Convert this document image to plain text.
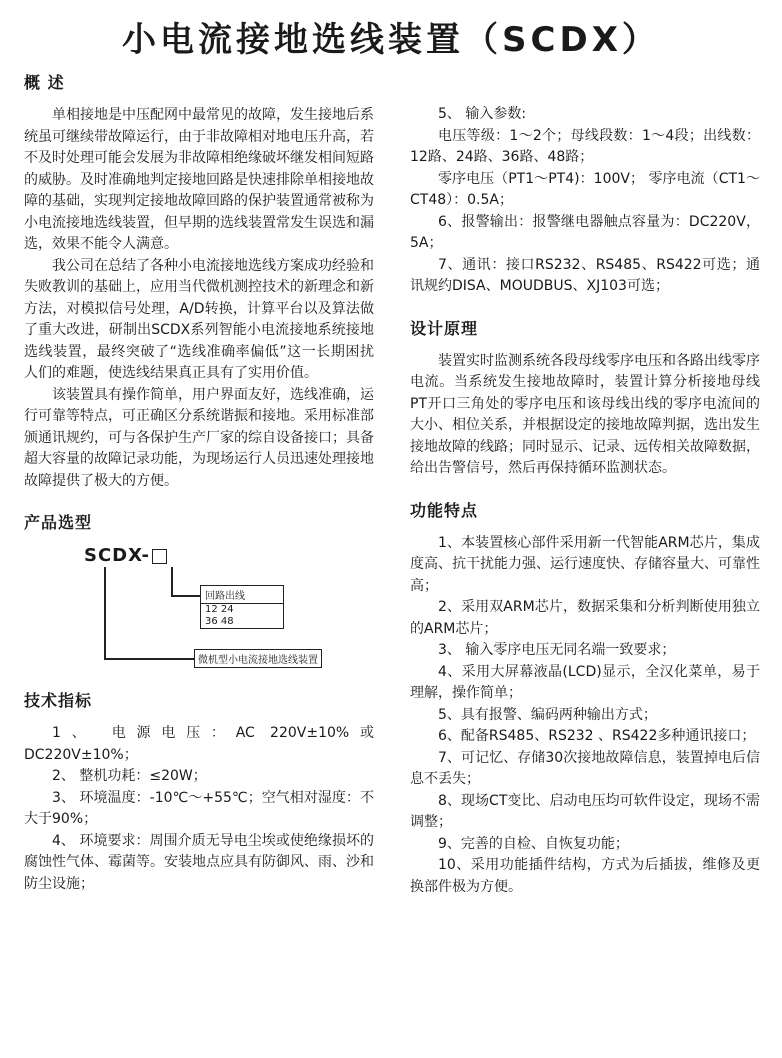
小电流接地选线装置（SCDX）
概 述

单相接地是中压配网中最常见的故障，发生接地后系统虽可继续带故障运行，由于非故障相对地电压升高，若不及时处理可能会发展为非故障相绝缘破坏继发相间短路的威胁。及时准确地判定接地回路是快速排除单相接地故障的基础，实现判定接地故障回路的保护装置通常被称为小电流接地选线装置，但早期的选线装置常发生误选和漏选，效果不能令人满意。

我公司在总结了各种小电流接地选线方案成功经验和失败教训的基础上，应用当代微机测控技术的新理念和新方法，对模拟信号处理，A/D转换，计算平台以及算法做了重大改进，研制出SCDX系列智能小电流接地系统接地选线装置，最终突破了“选线准确率偏低”这一长期困扰人们的难题，使选线结果真正具有了实用价值。

该装置具有操作简单，用户界面友好，选线准确，运行可靠等特点，可正确区分系统谐振和接地。采用标准部颁通讯规约，可与各保护生产厂家的综自设备接口；具备超大容量的故障记录功能，为现场运行人员迅速处理接地故障提供了极大的方便。

产品选型
SCDX-
回路出线
12 24
36 48
微机型小电流接地选线装置
技术指标

1、 电源电压：AC 220V±10%或DC220V±10%；

2、 整机功耗：≤20W；

3、 环境温度：-10℃～+55℃；空气相对湿度：不大于90%；

4、 环境要求：周围介质无导电尘埃或使绝缘损坏的腐蚀性气体、霉菌等。安装地点应具有防御风、雨、沙和防尘设施；

5、 输入参数:

电压等级：1～2个；母线段数：1～4段；出线数：12路、24路、36路、48路；

零序电压（PT1～PT4)：100V； 零序电流（CT1～CT48）：0.5A；

6、报警输出：报警继电器触点容量为：DC220V，5A；

7、通讯：接口RS232、RS485、RS422可选；通讯规约DISA、MOUDBUS、XJ103可选；

设计原理

装置实时监测系统各段母线零序电压和各路出线零序电流。当系统发生接地故障时，装置计算分析接地母线PT开口三角处的零序电压和该母线出线的零序电流间的大小、相位关系，并根据设定的接地故障判据，选出发生接地故障的线路；同时显示、记录、远传相关故障数据，给出告警信号，然后再保持循环监测状态。

功能特点

1、本装置核心部件采用新一代智能ARM芯片，集成度高、抗干扰能力强、运行速度快、存储容量大、可靠性高；

2、采用双ARM芯片，数据采集和分析判断使用独立的ARM芯片；

3、 输入零序电压无同名端一致要求；

4、采用大屏幕液晶(LCD)显示，全汉化菜单，易于理解，操作简单；

5、具有报警、编码两种输出方式；

6、配备RS485、RS232 、RS422多种通讯接口；

7、可记忆、存储30次接地故障信息，装置掉电后信息不丢失；

8、现场CT变比、启动电压均可软件设定，现场不需调整；

9、完善的自检、自恢复功能；

10、采用功能插件结构，方式为后插拔，维修及更换部件极为方便。
